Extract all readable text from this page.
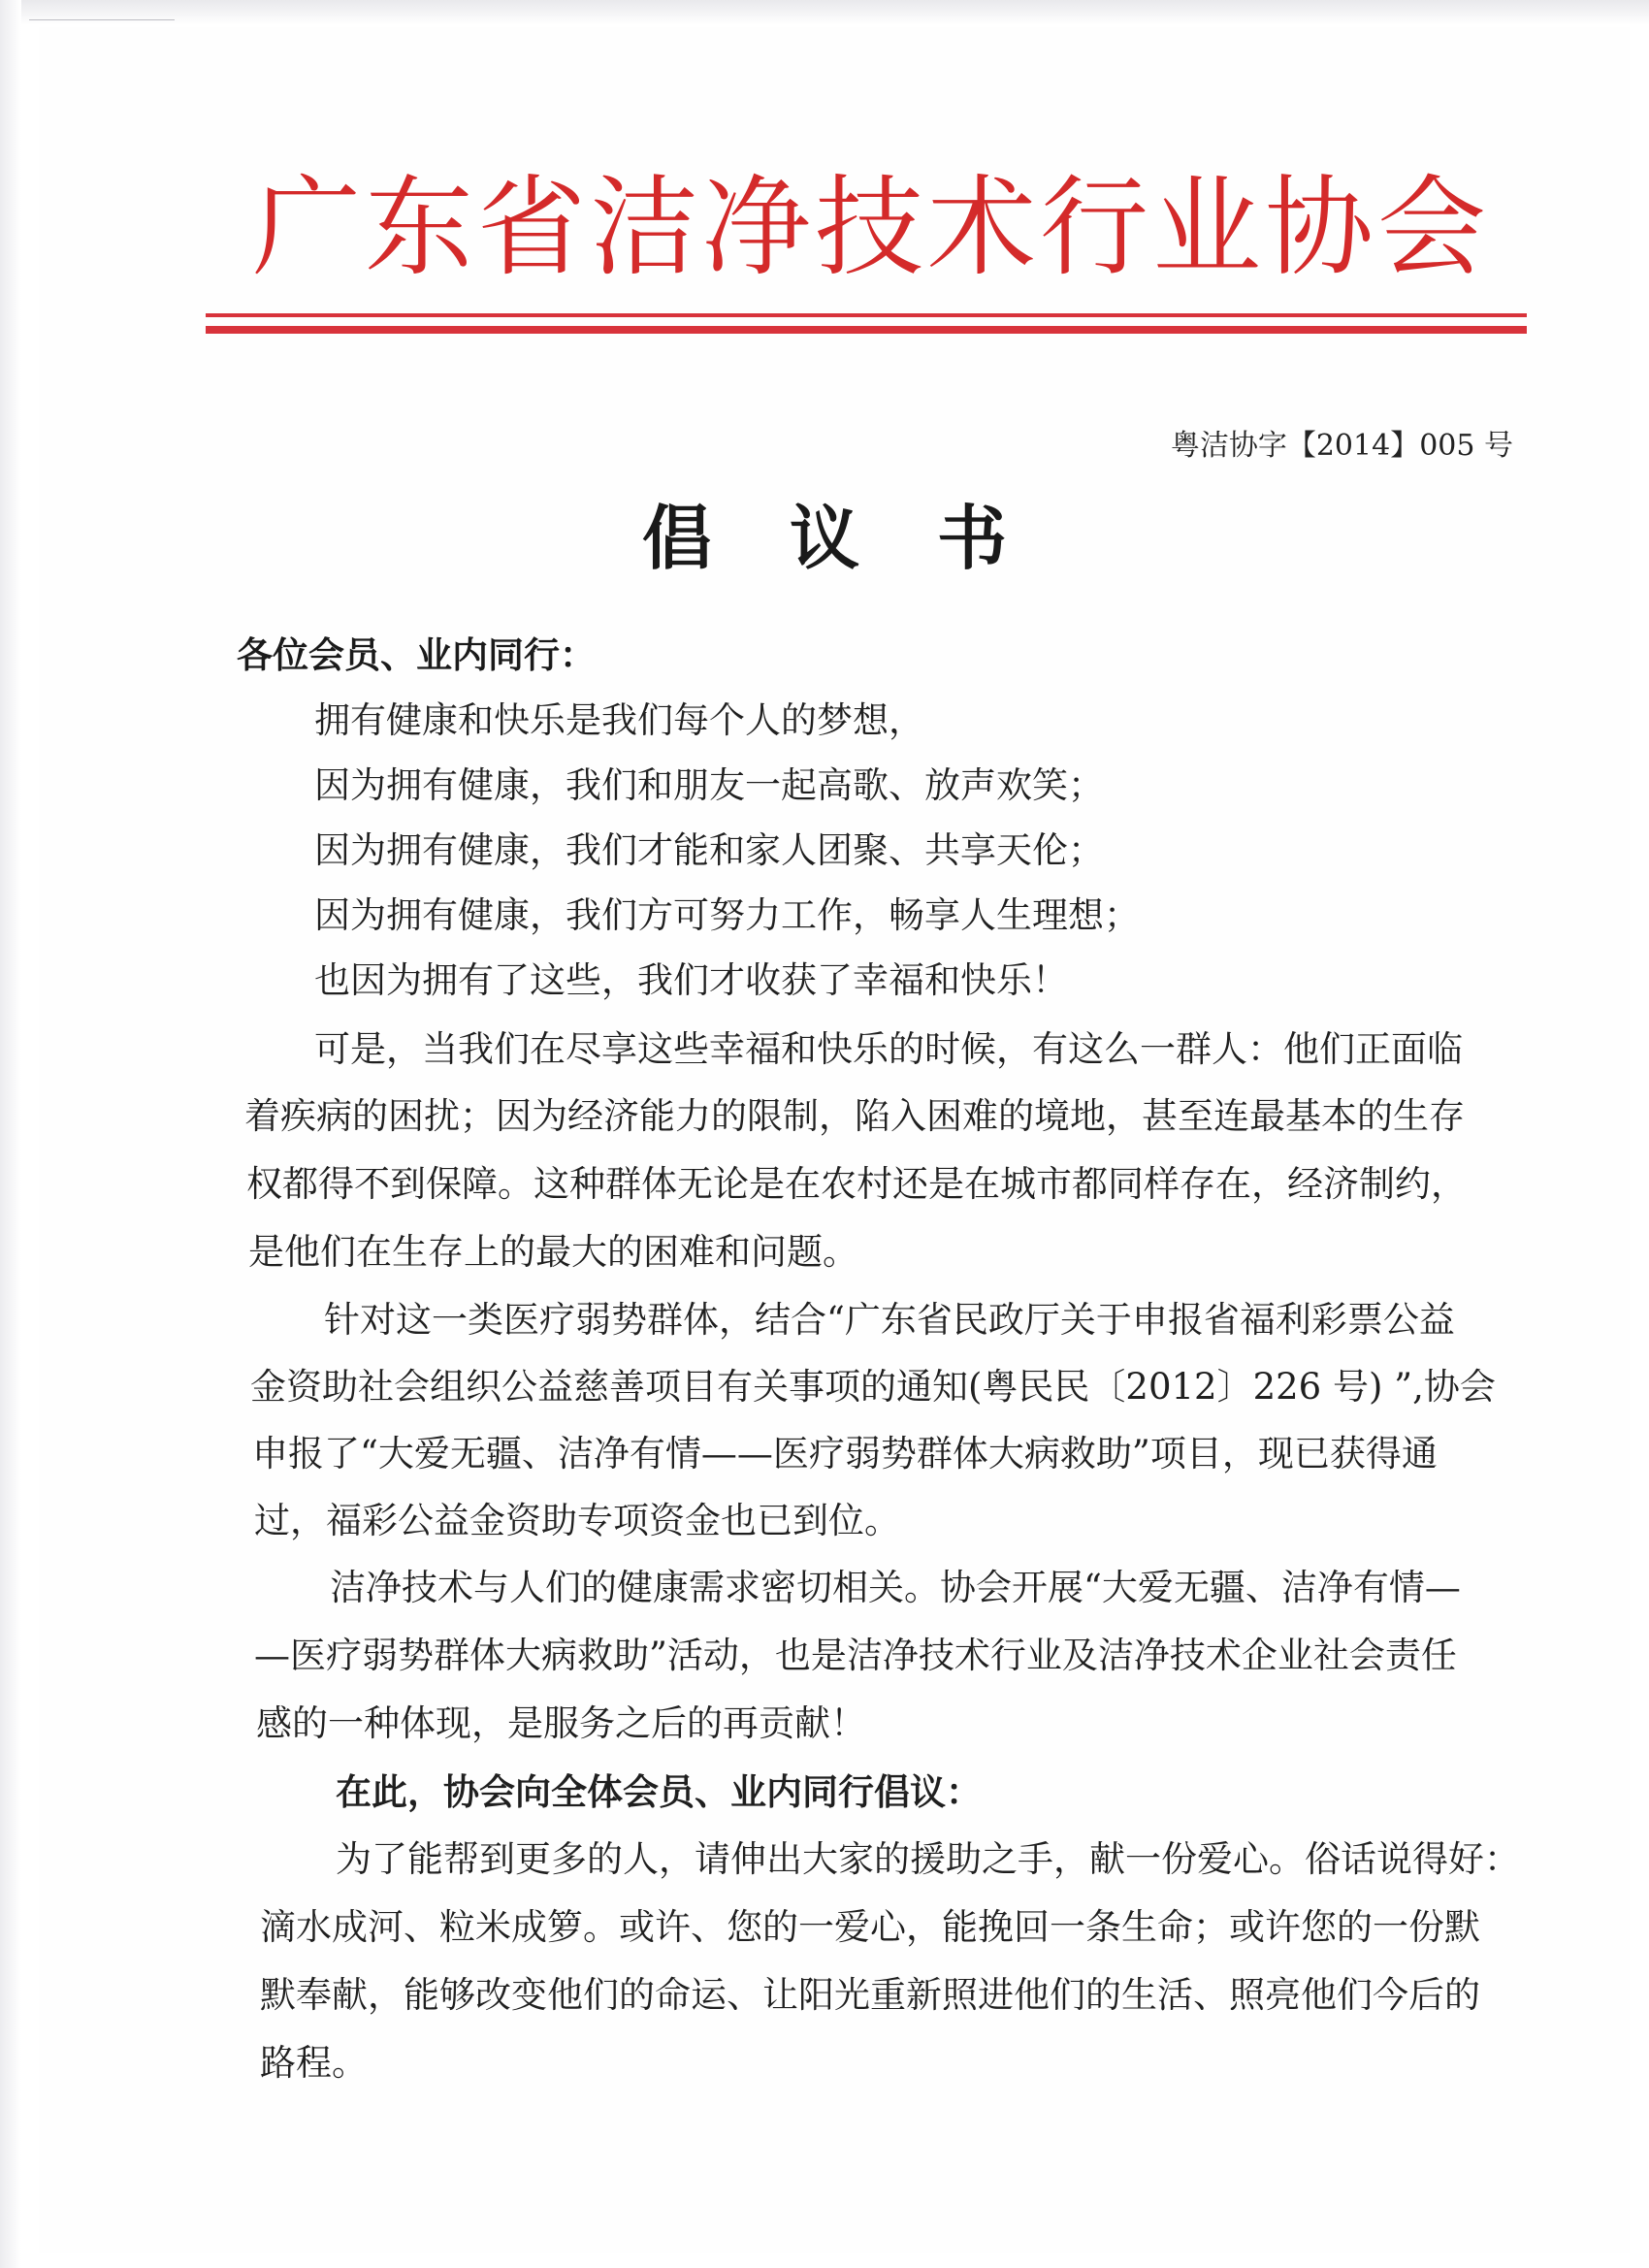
广东省洁净技术行业协会
粤洁协字【2014】005 号
倡议书
各位会员、业内同行：
拥有健康和快乐是我们每个人的梦想，
因为拥有健康，我们和朋友一起高歌、放声欢笑；
因为拥有健康，我们才能和家人团聚、共享天伦；
因为拥有健康，我们方可努力工作，畅享人生理想；
也因为拥有了这些，我们才收获了幸福和快乐！
可是，当我们在尽享这些幸福和快乐的时候，有这么一群人：他们正面临
着疾病的困扰；因为经济能力的限制，陷入困难的境地，甚至连最基本的生存
权都得不到保障。这种群体无论是在农村还是在城市都同样存在，经济制约，
是他们在生存上的最大的困难和问题。
针对这一类医疗弱势群体，结合“广东省民政厅关于申报省福利彩票公益
金资助社会组织公益慈善项目有关事项的通知(粤民民〔2012〕226 号) ”,协会
申报了“大爱无疆、洁净有情——医疗弱势群体大病救助”项目，现已获得通
过，福彩公益金资助专项资金也已到位。
洁净技术与人们的健康需求密切相关。协会开展“大爱无疆、洁净有情—
—医疗弱势群体大病救助”活动，也是洁净技术行业及洁净技术企业社会责任
感的一种体现，是服务之后的再贡献！
在此，协会向全体会员、业内同行倡议：
为了能帮到更多的人，请伸出大家的援助之手，献一份爱心。俗话说得好：
滴水成河、粒米成箩。或许、您的一爱心，能挽回一条生命；或许您的一份默
默奉献，能够改变他们的命运、让阳光重新照进他们的生活、照亮他们今后的
路程。
